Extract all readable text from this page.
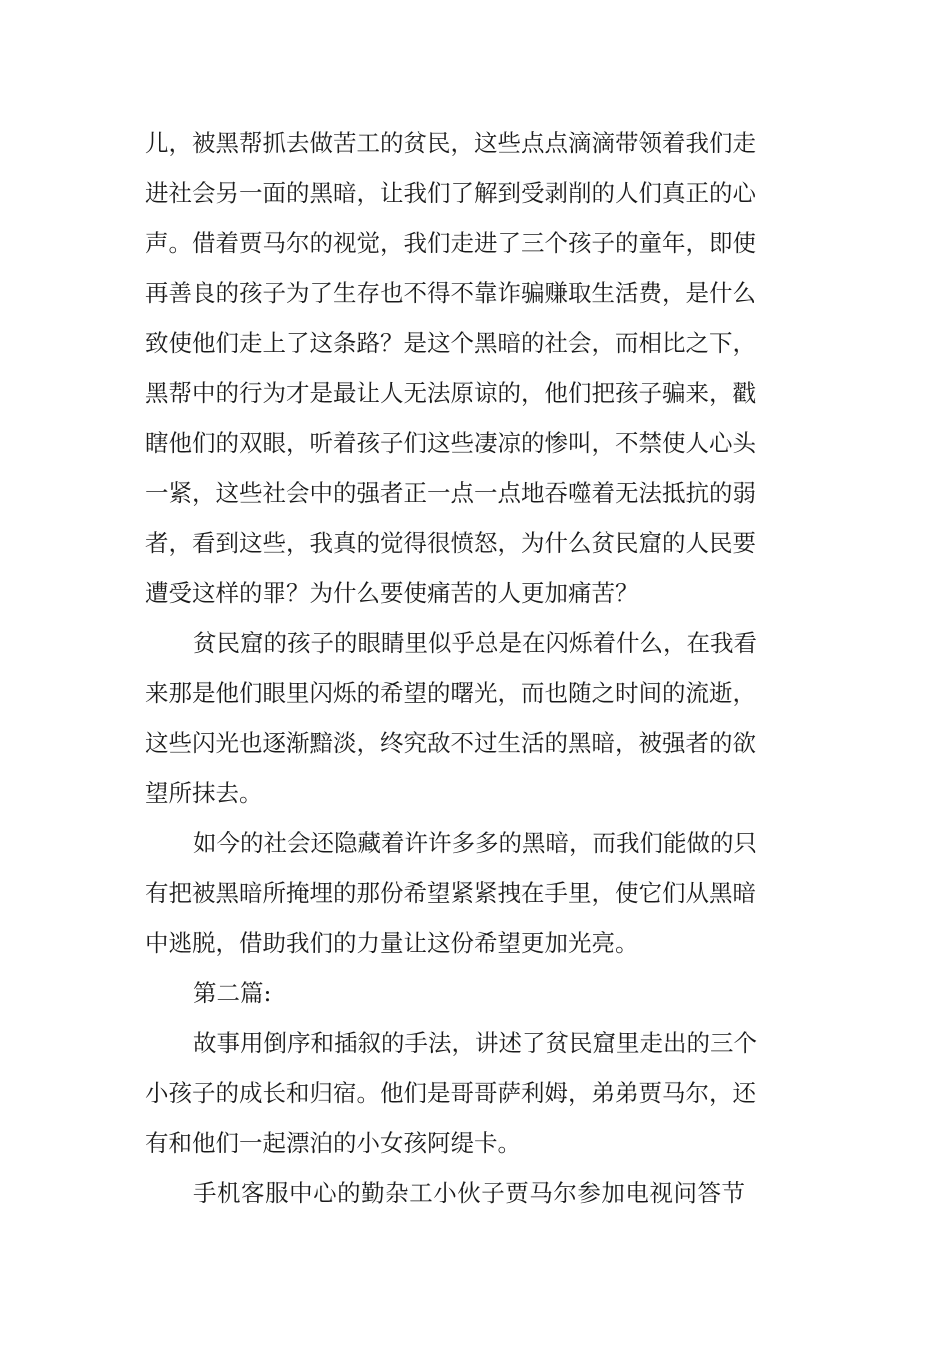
儿，被黑帮抓去做苦工的贫民，这些点点滴滴带领着我们走
进社会另一面的黑暗，让我们了解到受剥削的人们真正的心
声。借着贾马尔的视觉，我们走进了三个孩子的童年，即使
再善良的孩子为了生存也不得不靠诈骗赚取生活费，是什么
致使他们走上了这条路？是这个黑暗的社会，而相比之下，
黑帮中的行为才是最让人无法原谅的，他们把孩子骗来，戳
瞎他们的双眼，听着孩子们这些凄凉的惨叫，不禁使人心头
一紧，这些社会中的强者正一点一点地吞噬着无法抵抗的弱
者，看到这些，我真的觉得很愤怒，为什么贫民窟的人民要
遭受这样的罪？为什么要使痛苦的人更加痛苦？
贫民窟的孩子的眼睛里似乎总是在闪烁着什么，在我看
来那是他们眼里闪烁的希望的曙光，而也随之时间的流逝，
这些闪光也逐渐黯淡，终究敌不过生活的黑暗，被强者的欲
望所抹去。
如今的社会还隐藏着许许多多的黑暗，而我们能做的只
有把被黑暗所掩埋的那份希望紧紧拽在手里，使它们从黑暗
中逃脱，借助我们的力量让这份希望更加光亮。
第二篇:
故事用倒序和插叙的手法，讲述了贫民窟里走出的三个
小孩子的成长和归宿。他们是哥哥萨利姆，弟弟贾马尔，还
有和他们一起漂泊的小女孩阿缇卡。
手机客服中心的勤杂工小伙子贾马尔参加电视问答节
